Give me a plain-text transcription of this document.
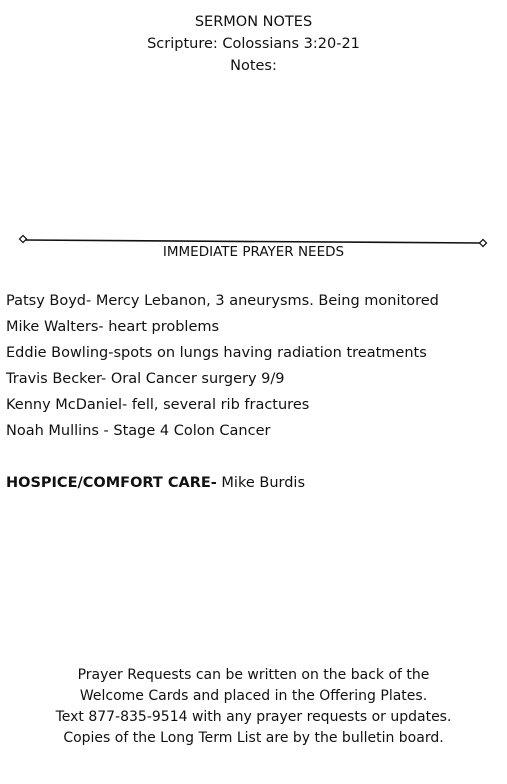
SERMON NOTES
Scripture: Colossians 3:20-21
Notes:
IMMEDIATE PRAYER NEEDS
Patsy Boyd- Mercy Lebanon, 3 aneurysms. Being monitored
Mike Walters- heart problems
Eddie Bowling-spots on lungs having radiation treatments
Travis Becker- Oral Cancer surgery 9/9
Kenny McDaniel- fell, several rib fractures
Noah Mullins - Stage 4 Colon Cancer
HOSPICE/COMFORT CARE- Mike Burdis
Prayer Requests can be written on the back of the
Welcome Cards and placed in the Offering Plates.
Text 877-835-9514 with any prayer requests or updates.
Copies of the Long Term List are by the bulletin board.
